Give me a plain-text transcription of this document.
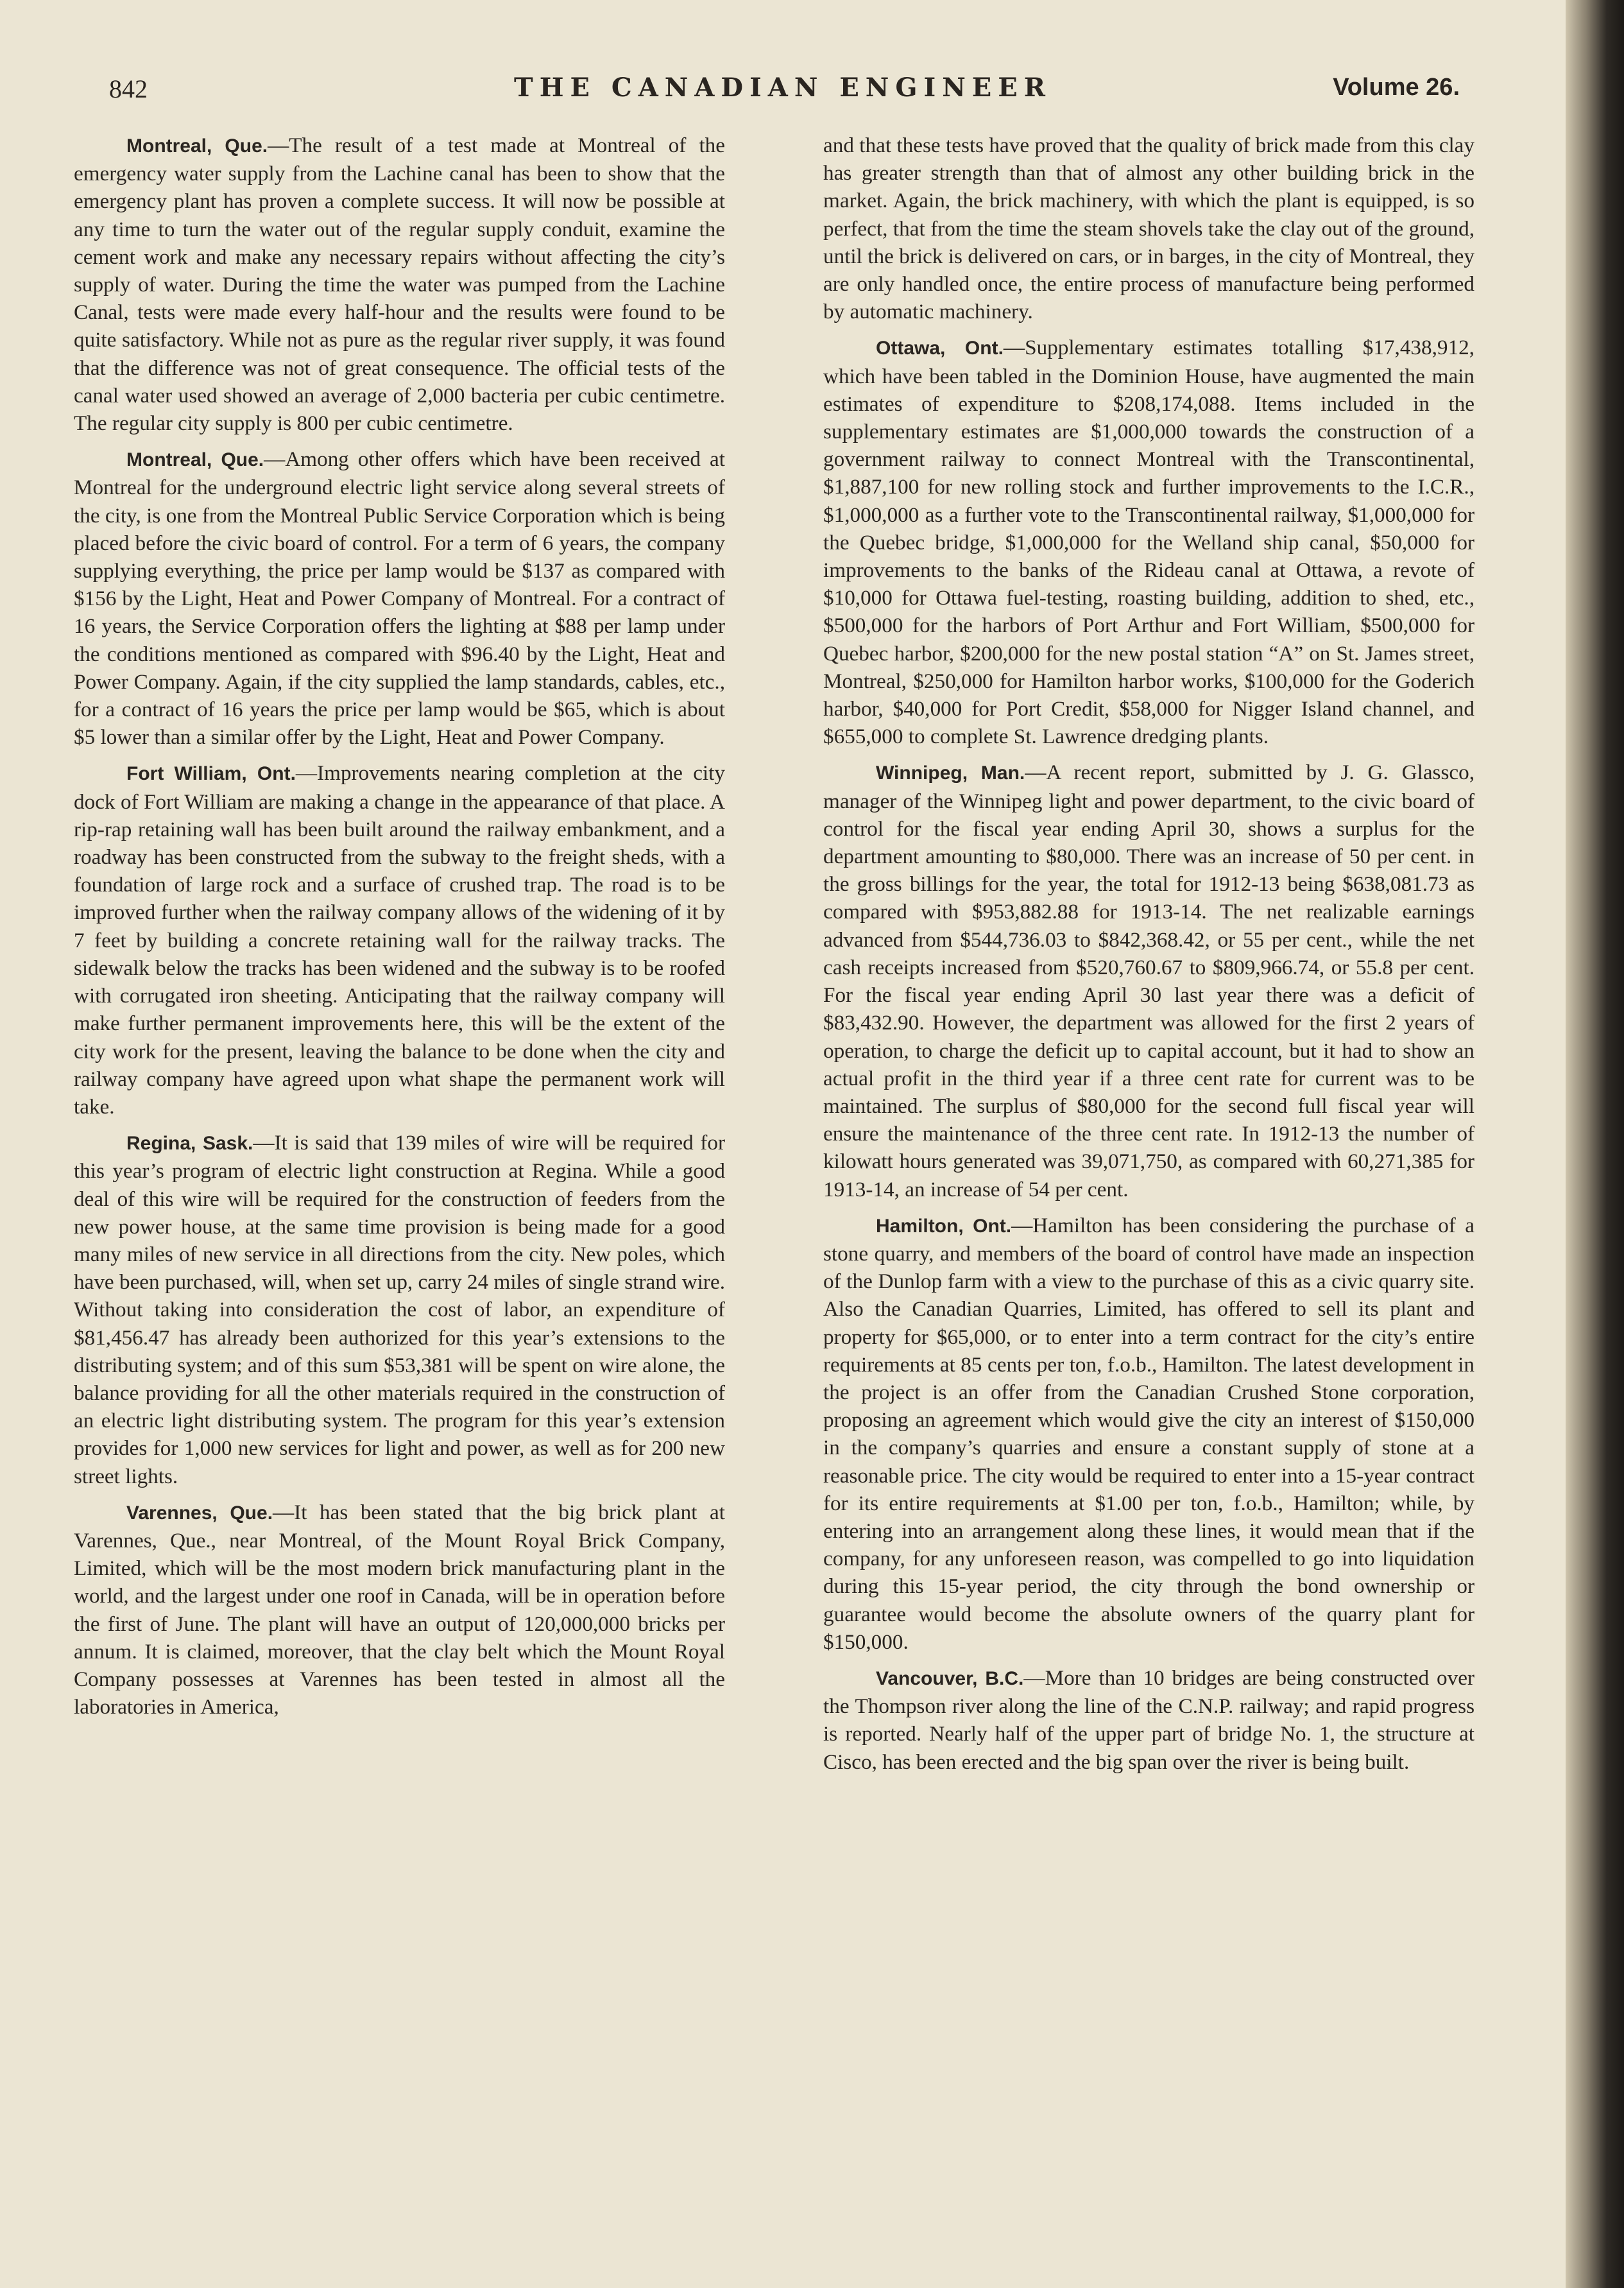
842	THE CANADIAN ENGINEER	Volume 26.

Montreal, Que.—The result of a test made at Montreal of the emergency water supply from the Lachine canal has been to show that the emergency plant has proven a complete success. It will now be possible at any time to turn the water out of the regular supply conduit, examine the cement work and make any necessary repairs without affecting the city’s supply of water. During the time the water was pumped from the Lachine Canal, tests were made every half-hour and the results were found to be quite satisfactory. While not as pure as the regular river supply, it was found that the difference was not of great consequence. The official tests of the canal water used showed an average of 2,000 bacteria per cubic centimetre. The regular city supply is 800 per cubic centimetre.

Montreal, Que.—Among other offers which have been received at Montreal for the underground electric light service along several streets of the city, is one from the Montreal Public Service Corporation which is being placed before the civic board of control. For a term of 6 years, the company supplying everything, the price per lamp would be $137 as compared with $156 by the Light, Heat and Power Company of Montreal. For a contract of 16 years, the Service Corporation offers the lighting at $88 per lamp under the conditions mentioned as compared with $96.40 by the Light, Heat and Power Company. Again, if the city supplied the lamp standards, cables, etc., for a contract of 16 years the price per lamp would be $65, which is about $5 lower than a similar offer by the Light, Heat and Power Company.

Fort William, Ont.—Improvements nearing completion at the city dock of Fort William are making a change in the appearance of that place. A rip-rap retaining wall has been built around the railway embankment, and a roadway has been constructed from the subway to the freight sheds, with a foundation of large rock and a surface of crushed trap. The road is to be improved further when the railway company allows of the widening of it by 7 feet by building a concrete retaining wall for the railway tracks. The sidewalk below the tracks has been widened and the subway is to be roofed with corrugated iron sheeting. Anticipating that the railway company will make further permanent improvements here, this will be the extent of the city work for the present, leaving the balance to be done when the city and railway company have agreed upon what shape the permanent work will take.

Regina, Sask.—It is said that 139 miles of wire will be required for this year’s program of electric light construction at Regina. While a good deal of this wire will be required for the construction of feeders from the new power house, at the same time provision is being made for a good many miles of new service in all directions from the city. New poles, which have been purchased, will, when set up, carry 24 miles of single strand wire. Without taking into consideration the cost of labor, an expenditure of $81,456.47 has already been authorized for this year’s extensions to the distributing system; and of this sum $53,381 will be spent on wire alone, the balance providing for all the other materials required in the construction of an electric light distributing system. The program for this year’s extension provides for 1,000 new services for light and power, as well as for 200 new street lights.

Varennes, Que.—It has been stated that the big brick plant at Varennes, Que., near Montreal, of the Mount Royal Brick Company, Limited, which will be the most modern brick manufacturing plant in the world, and the largest under one roof in Canada, will be in operation before the first of June. The plant will have an output of 120,000,000 bricks per annum. It is claimed, moreover, that the clay belt which the Mount Royal Company possesses at Varennes has been tested in almost all the laboratories in America,

and that these tests have proved that the quality of brick made from this clay has greater strength than that of almost any other building brick in the market. Again, the brick machinery, with which the plant is equipped, is so perfect, that from the time the steam shovels take the clay out of the ground, until the brick is delivered on cars, or in barges, in the city of Montreal, they are only handled once, the entire process of manufacture being performed by automatic machinery.

Ottawa, Ont.—Supplementary estimates totalling $17,438,912, which have been tabled in the Dominion House, have augmented the main estimates of expenditure to $208,174,088. Items included in the supplementary estimates are $1,000,000 towards the construction of a government railway to connect Montreal with the Transcontinental, $1,887,100 for new rolling stock and further improvements to the I.C.R., $1,000,000 as a further vote to the Transcontinental railway, $1,000,000 for the Quebec bridge, $1,000,000 for the Welland ship canal, $50,000 for improvements to the banks of the Rideau canal at Ottawa, a revote of $10,000 for Ottawa fuel-testing, roasting building, addition to shed, etc., $500,000 for the harbors of Port Arthur and Fort William, $500,000 for Quebec harbor, $200,000 for the new postal station “A” on St. James street, Montreal, $250,000 for Hamilton harbor works, $100,000 for the Goderich harbor, $40,000 for Port Credit, $58,000 for Nigger Island channel, and $655,000 to complete St. Lawrence dredging plants.

Winnipeg, Man.—A recent report, submitted by J. G. Glassco, manager of the Winnipeg light and power department, to the civic board of control for the fiscal year ending April 30, shows a surplus for the department amounting to $80,000. There was an increase of 50 per cent. in the gross billings for the year, the total for 1912-13 being $638,081.73 as compared with $953,882.88 for 1913-14. The net realizable earnings advanced from $544,736.03 to $842,368.42, or 55 per cent., while the net cash receipts increased from $520,760.67 to $809,966.74, or 55.8 per cent. For the fiscal year ending April 30 last year there was a deficit of $83,432.90. However, the department was allowed for the first 2 years of operation, to charge the deficit up to capital account, but it had to show an actual profit in the third year if a three cent rate for current was to be maintained. The surplus of $80,000 for the second full fiscal year will ensure the maintenance of the three cent rate. In 1912-13 the number of kilowatt hours generated was 39,071,750, as compared with 60,271,385 for 1913-14, an increase of 54 per cent.

Hamilton, Ont.—Hamilton has been considering the purchase of a stone quarry, and members of the board of control have made an inspection of the Dunlop farm with a view to the purchase of this as a civic quarry site. Also the Canadian Quarries, Limited, has offered to sell its plant and property for $65,000, or to enter into a term contract for the city’s entire requirements at 85 cents per ton, f.o.b., Hamilton. The latest development in the project is an offer from the Canadian Crushed Stone corporation, proposing an agreement which would give the city an interest of $150,000 in the company’s quarries and ensure a constant supply of stone at a reasonable price. The city would be required to enter into a 15-year contract for its entire requirements at $1.00 per ton, f.o.b., Hamilton; while, by entering into an arrangement along these lines, it would mean that if the company, for any unforeseen reason, was compelled to go into liquidation during this 15-year period, the city through the bond ownership or guarantee would become the absolute owners of the quarry plant for $150,000.

Vancouver, B.C.—More than 10 bridges are being constructed over the Thompson river along the line of the C.N.P. railway; and rapid progress is reported. Nearly half of the upper part of bridge No. 1, the structure at Cisco, has been erected and the big span over the river is being built.
